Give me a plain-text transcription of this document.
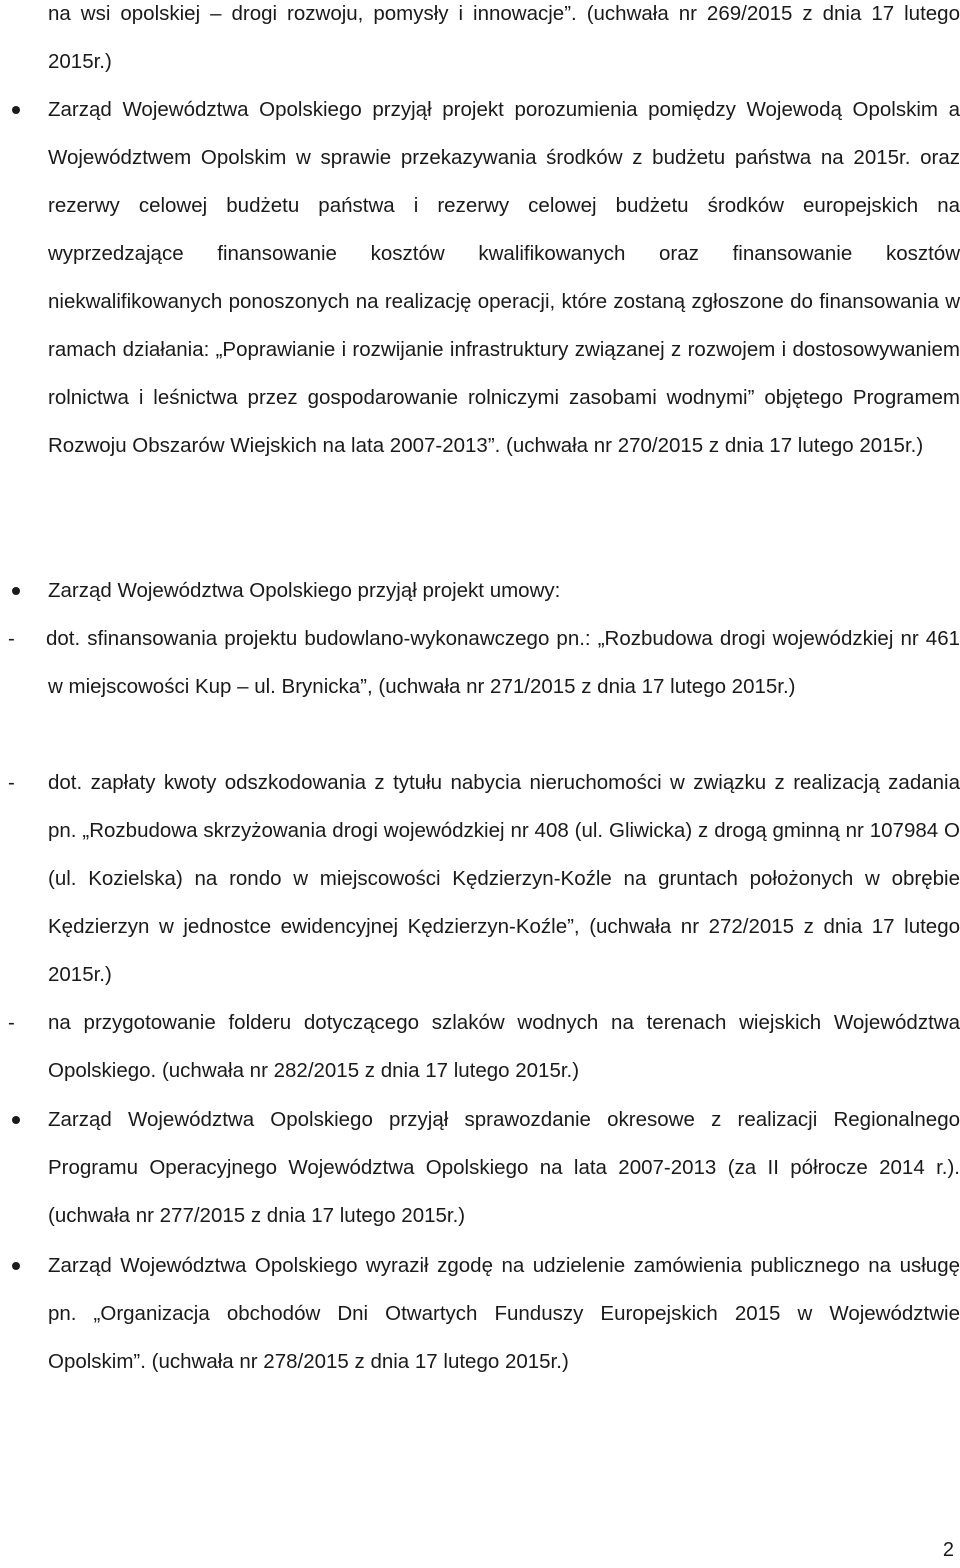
na wsi opolskiej – drogi rozwoju, pomysły i innowacje”. (uchwała nr 269/2015 z dnia 17 lutego 2015r.)

Zarząd Województwa Opolskiego przyjął projekt porozumienia pomiędzy Wojewodą Opolskim a Województwem Opolskim w sprawie przekazywania środków z budżetu państwa na 2015r. oraz rezerwy celowej budżetu państwa i rezerwy celowej budżetu środków europejskich na wyprzedzające finansowanie kosztów kwalifikowanych oraz finansowanie kosztów niekwalifikowanych ponoszonych na realizację operacji, które zostaną zgłoszone do finansowania w ramach działania: „Poprawianie i rozwijanie infrastruktury związanej z rozwojem i dostosowywaniem rolnictwa i leśnictwa przez gospodarowanie rolniczymi zasobami wodnymi” objętego Programem Rozwoju Obszarów Wiejskich na lata 2007-2013”. (uchwała nr 270/2015 z dnia 17 lutego 2015r.)

Zarząd Województwa Opolskiego przyjął projekt umowy:

- dot. sfinansowania projektu budowlano-wykonawczego pn.: „Rozbudowa drogi wojewódzkiej nr 461 w miejscowości Kup – ul. Brynicka”, (uchwała nr 271/2015 z dnia 17 lutego 2015r.)

- dot. zapłaty kwoty odszkodowania z tytułu nabycia nieruchomości w związku z realizacją zadania pn. „Rozbudowa skrzyżowania drogi wojewódzkiej nr 408 (ul. Gliwicka) z drogą gminną nr 107984 O (ul. Kozielska) na rondo w miejscowości Kędzierzyn-Koźle na gruntach położonych w obrębie Kędzierzyn w jednostce ewidencyjnej Kędzierzyn-Koźle”, (uchwała nr 272/2015 z dnia 17 lutego 2015r.)

- na przygotowanie folderu dotyczącego szlaków wodnych na terenach wiejskich Województwa Opolskiego. (uchwała nr 282/2015 z dnia 17 lutego 2015r.)

Zarząd Województwa Opolskiego przyjął sprawozdanie okresowe z realizacji Regionalnego Programu Operacyjnego Województwa Opolskiego na lata 2007-2013 (za II półrocze 2014 r.). (uchwała nr 277/2015 z dnia 17 lutego 2015r.)

Zarząd Województwa Opolskiego wyraził zgodę na udzielenie zamówienia publicznego na usługę pn. „Organizacja obchodów Dni Otwartych Funduszy Europejskich 2015 w Województwie Opolskim”. (uchwała nr 278/2015 z dnia 17 lutego 2015r.)

2
